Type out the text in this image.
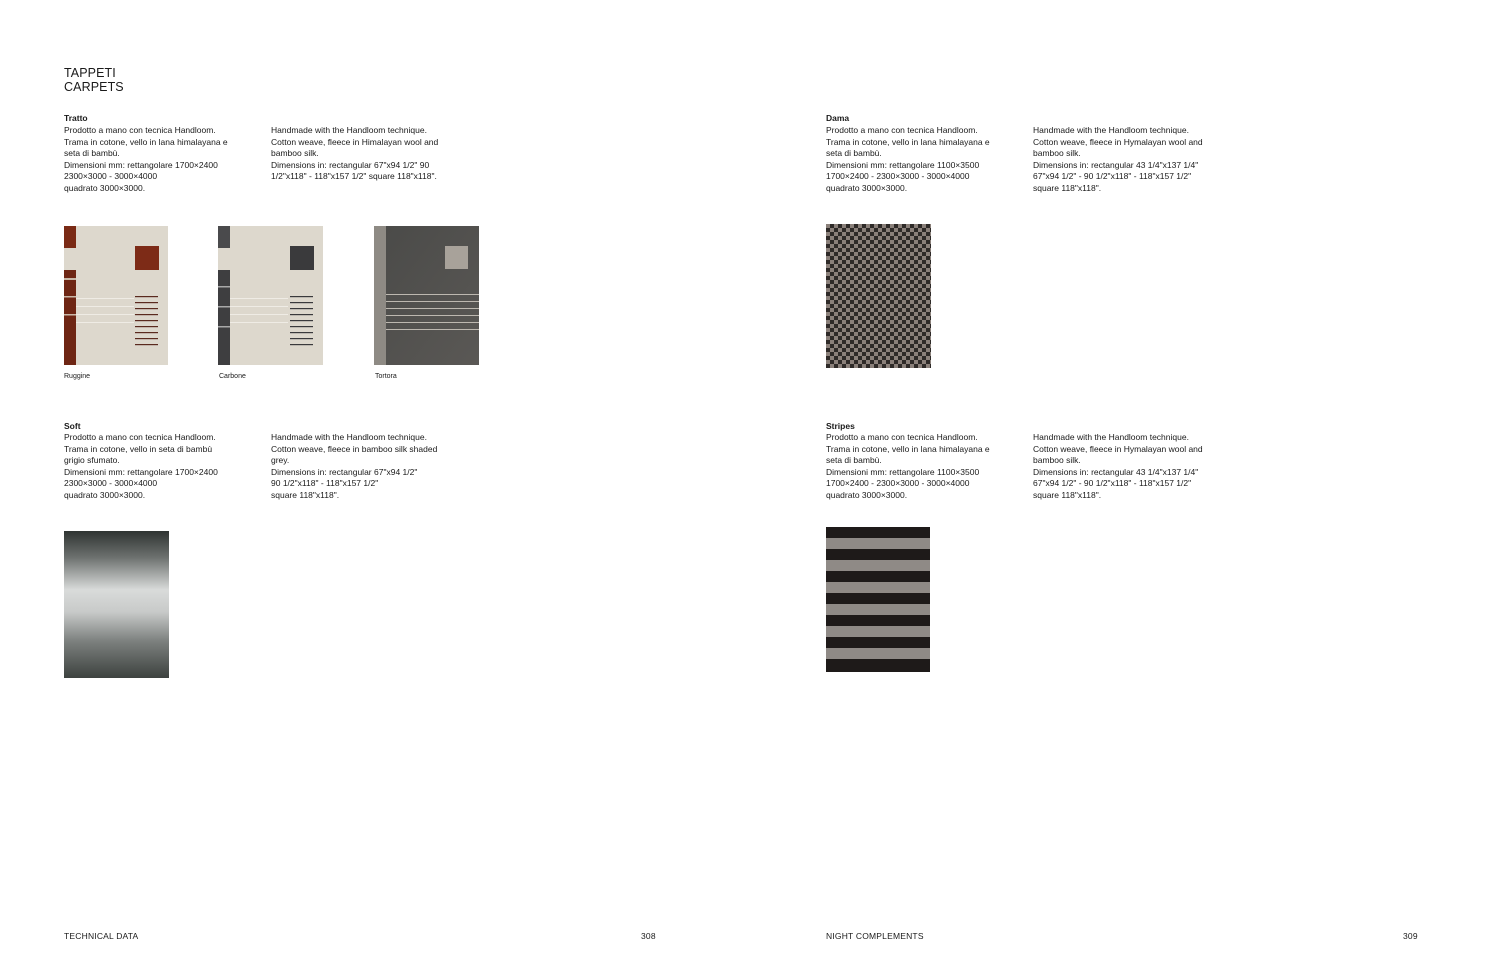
TAPPETI
CARPETS
Tratto
Prodotto a mano con tecnica Handloom.
Trama in cotone, vello in lana himalayana e
seta di bambù.
Dimensioni mm: rettangolare 1700×2400
2300×3000 - 3000×4000
quadrato 3000×3000.
Handmade with the Handloom technique.
Cotton weave, fleece in Himalayan wool and
bamboo silk.
Dimensions in: rectangular 67"x94 1/2" 90
1/2"x118" - 118"x157 1/2" square 118"x118".
Ruggine	Carbone	Tortora
Soft
Prodotto a mano con tecnica Handloom.
Trama in cotone, vello in seta di bambù
grigio sfumato.
Dimensioni mm: rettangolare 1700×2400
2300×3000 - 3000×4000
quadrato 3000×3000.
Handmade with the Handloom technique.
Cotton weave, fleece in bamboo silk shaded
grey.
Dimensions in: rectangular 67"x94 1/2"
90 1/2"x118" - 118"x157 1/2"
square 118"x118".
Dama
Prodotto a mano con tecnica Handloom.
Trama in cotone, vello in lana himalayana e
seta di bambù.
Dimensioni mm: rettangolare 1100×3500
1700×2400 - 2300×3000 - 3000×4000
quadrato 3000×3000.
Handmade with the Handloom technique.
Cotton weave, fleece in Hymalayan wool and
bamboo silk.
Dimensions in: rectangular 43 1/4"x137 1/4"
67"x94 1/2" - 90 1/2"x118" - 118"x157 1/2"
square 118"x118".
Stripes
Prodotto a mano con tecnica Handloom.
Trama in cotone, vello in lana himalayana e
seta di bambù.
Dimensioni mm: rettangolare 1100×3500
1700×2400 - 2300×3000 - 3000×4000
quadrato 3000×3000.
Handmade with the Handloom technique.
Cotton weave, fleece in Hymalayan wool and
bamboo silk.
Dimensions in: rectangular 43 1/4"x137 1/4"
67"x94 1/2" - 90 1/2"x118" - 118"x157 1/2"
square 118"x118".
TECHNICAL DATA	308	NIGHT COMPLEMENTS	309
